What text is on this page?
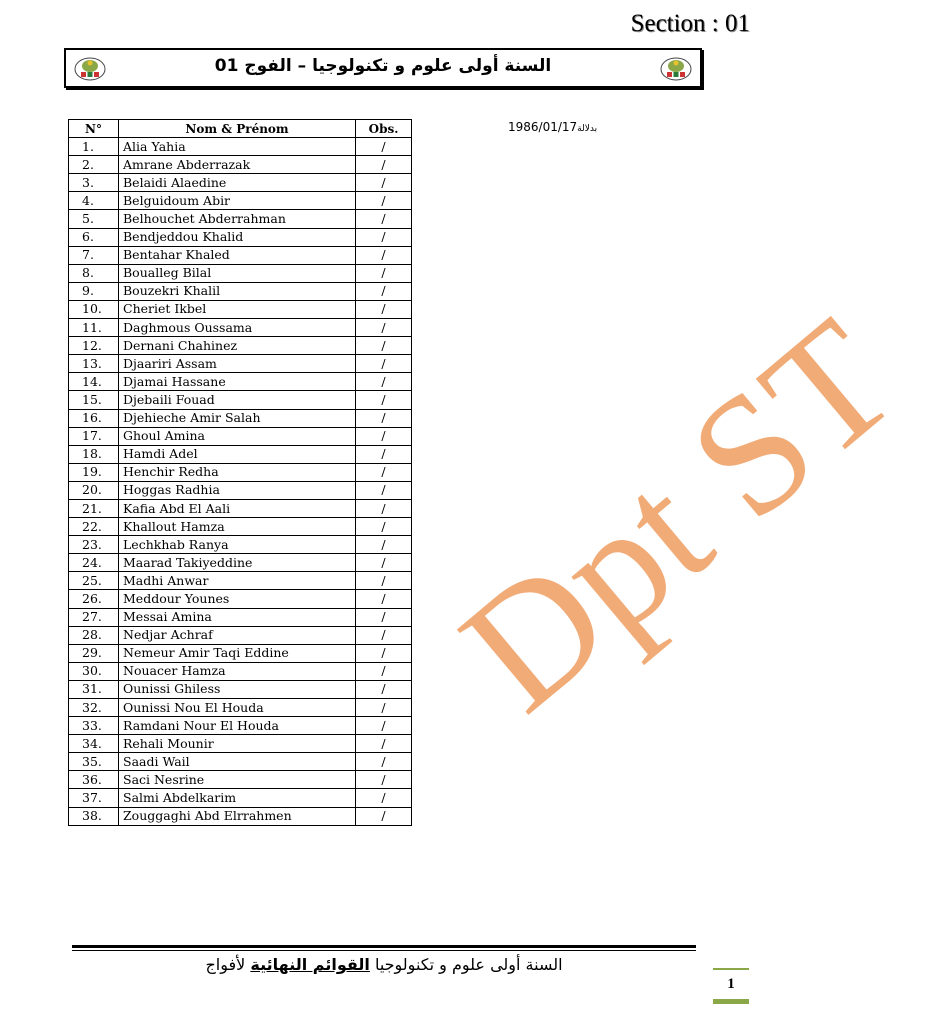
Section : 01
السنة أولى علوم و تكنولوجيا – الفوج 01
N°	Nom & Prénom	Obs.
1.	Alia Yahia	/
2.	Amrane Abderrazak	/
3.	Belaidi Alaedine	/
4.	Belguidoum Abir	/
5.	Belhouchet Abderrahman	/
6.	Bendjeddou Khalid	/
7.	Bentahar Khaled	/
8.	Boualleg Bilal	/
9.	Bouzekri Khalil	/
10.	Cheriet Ikbel	/
11.	Daghmous Oussama	/
12.	Dernani Chahinez	/
13.	Djaariri Assam	/
14.	Djamai Hassane	/
15.	Djebaili Fouad	/
16.	Djehieche Amir Salah	/
17.	Ghoul Amina	/
18.	Hamdi Adel	/
19.	Henchir Redha	/
20.	Hoggas Radhia	/
21.	Kafia Abd El Aali	/
22.	Khallout Hamza	/
23.	Lechkhab Ranya	/
24.	Maarad Takiyeddine	/
25.	Madhi Anwar	/
26.	Meddour Younes	/
27.	Messai Amina	/
28.	Nedjar Achraf	/
29.	Nemeur Amir Taqi Eddine	/
30.	Nouacer Hamza	/
31.	Ounissi Ghiless	/
32.	Ounissi Nou El Houda	/
33.	Ramdani Nour El Houda	/
34.	Rehali Mounir	/
35.	Saadi Wail	/
36.	Saci Nesrine	/
37.	Salmi Abdelkarim	/
38.	Zouggaghi Abd Elrrahmen	/
بدلالة1986/01/17
Dpt ST
السنة أولى علوم و تكنولوجيا القوائم النهائية لأفواج
1
